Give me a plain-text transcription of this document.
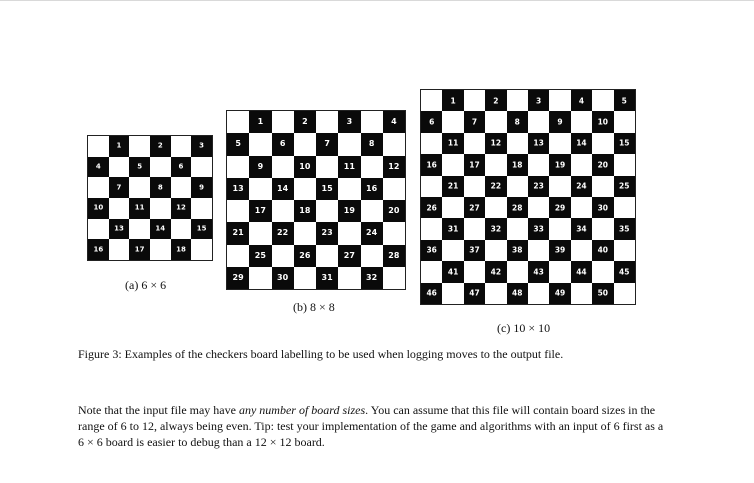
1	2	3
4	5	6
7	8	9
10	11	12
13	14	15
16	17	18
1	2	3	4
5	6	7	8
9	10	11	12
13	14	15	16
17	18	19	20
21	22	23	24
25	26	27	28
29	30	31	32
1	2	3	4	5
6	7	8	9	10
11	12	13	14	15
16	17	18	19	20
21	22	23	24	25
26	27	28	29	30
31	32	33	34	35
36	37	38	39	40
41	42	43	44	45
46	47	48	49	50
(a) 6 × 6
(b) 8 × 8
(c) 10 × 10
Figure 3: Examples of the checkers board labelling to be used when logging moves to the output file.
Note that the input file may have any number of board sizes. You can assume that this file will contain board sizes in the range of 6 to 12, always being even. Tip: test your implementation of the game and algorithms with an input of 6 first as a 6 × 6 board is easier to debug than a 12 × 12 board.
